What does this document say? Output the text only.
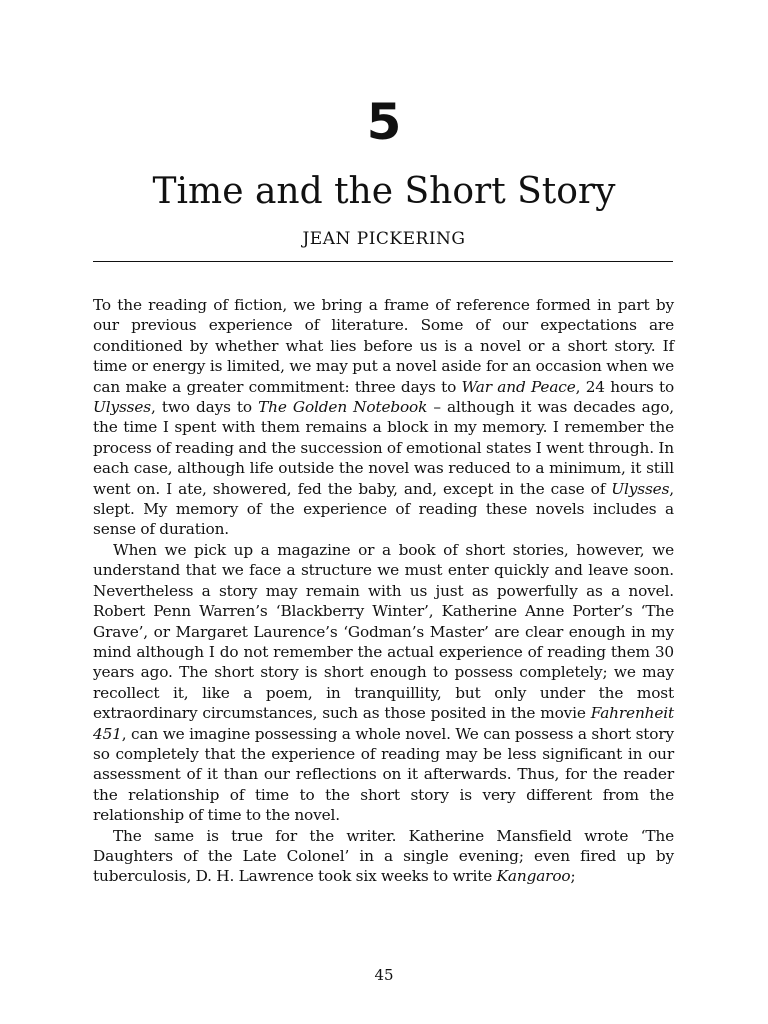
5
Time and the Short Story
JEAN PICKERING

To the reading of fiction, we bring a frame of reference formed in part by our previous experience of literature. Some of our expectations are conditioned by whether what lies before us is a novel or a short story. If time or energy is limited, we may put a novel aside for an occasion when we can make a greater commitment: three days to War and Peace, 24 hours to Ulysses, two days to The Golden Notebook – although it was decades ago, the time I spent with them remains a block in my memory. I remember the process of reading and the succession of emotional states I went through. In each case, although life outside the novel was reduced to a minimum, it still went on. I ate, showered, fed the baby, and, except in the case of Ulysses, slept. My memory of the experience of reading these novels includes a sense of duration.

When we pick up a magazine or a book of short stories, however, we understand that we face a structure we must enter quickly and leave soon. Nevertheless a story may remain with us just as powerfully as a novel. Robert Penn Warren’s ‘Blackberry Winter’, Katherine Anne Porter’s ‘The Grave’, or Margaret Laurence’s ‘Godman’s Master’ are clear enough in my mind although I do not remember the actual experience of reading them 30 years ago. The short story is short enough to possess completely; we may recollect it, like a poem, in tranquillity, but only under the most extraordinary circumstances, such as those posited in the movie Fahrenheit 451, can we imagine possessing a whole novel. We can possess a short story so completely that the experience of reading may be less significant in our assessment of it than our reflections on it afterwards. Thus, for the reader the relationship of time to the short story is very different from the relationship of time to the novel.

The same is true for the writer. Katherine Mansfield wrote ‘The Daughters of the Late Colonel’ in a single evening; even fired up by tuberculosis, D. H. Lawrence took six weeks to write Kangaroo;

45
